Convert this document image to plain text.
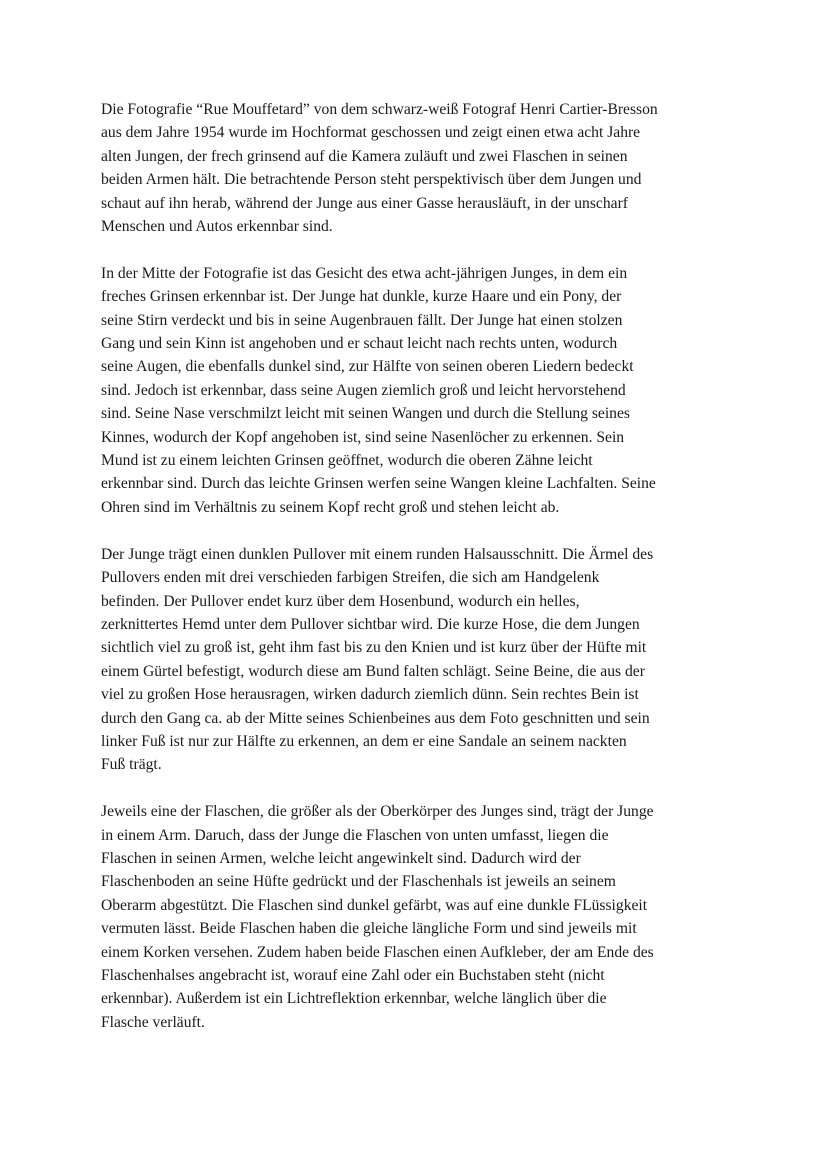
Die Fotografie “Rue Mouffetard” von dem schwarz-weiß Fotograf Henri Cartier-Bresson
aus dem Jahre 1954 wurde im Hochformat geschossen und zeigt einen etwa acht Jahre
alten Jungen, der frech grinsend auf die Kamera zuläuft und zwei Flaschen in seinen
beiden Armen hält. Die betrachtende Person steht perspektivisch über dem Jungen und
schaut auf ihn herab, während der Junge aus einer Gasse herausläuft, in der unscharf
Menschen und Autos erkennbar sind.

In der Mitte der Fotografie ist das Gesicht des etwa acht-jährigen Junges, in dem ein
freches Grinsen erkennbar ist. Der Junge hat dunkle, kurze Haare und ein Pony, der
seine Stirn verdeckt und bis in seine Augenbrauen fällt. Der Junge hat einen stolzen
Gang und sein Kinn ist angehoben und er schaut leicht nach rechts unten, wodurch
seine Augen, die ebenfalls dunkel sind, zur Hälfte von seinen oberen Liedern bedeckt
sind. Jedoch ist erkennbar, dass seine Augen ziemlich groß und leicht hervorstehend
sind. Seine Nase verschmilzt leicht mit seinen Wangen und durch die Stellung seines
Kinnes, wodurch der Kopf angehoben ist, sind seine Nasenlöcher zu erkennen. Sein
Mund ist zu einem leichten Grinsen geöffnet, wodurch die oberen Zähne leicht
erkennbar sind. Durch das leichte Grinsen werfen seine Wangen kleine Lachfalten. Seine
Ohren sind im Verhältnis zu seinem Kopf recht groß und stehen leicht ab.

Der Junge trägt einen dunklen Pullover mit einem runden Halsausschnitt. Die Ärmel des
Pullovers enden mit drei verschieden farbigen Streifen, die sich am Handgelenk
befinden. Der Pullover endet kurz über dem Hosenbund, wodurch ein helles,
zerknittertes Hemd unter dem Pullover sichtbar wird. Die kurze Hose, die dem Jungen
sichtlich viel zu groß ist, geht ihm fast bis zu den Knien und ist kurz über der Hüfte mit
einem Gürtel befestigt, wodurch diese am Bund falten schlägt. Seine Beine, die aus der
viel zu großen Hose herausragen, wirken dadurch ziemlich dünn. Sein rechtes Bein ist
durch den Gang ca. ab der Mitte seines Schienbeines aus dem Foto geschnitten und sein
linker Fuß ist nur zur Hälfte zu erkennen, an dem er eine Sandale an seinem nackten
Fuß trägt.

Jeweils eine der Flaschen, die größer als der Oberkörper des Junges sind, trägt der Junge
in einem Arm. Daruch, dass der Junge die Flaschen von unten umfasst, liegen die
Flaschen in seinen Armen, welche leicht angewinkelt sind. Dadurch wird der
Flaschenboden an seine Hüfte gedrückt und der Flaschenhals ist jeweils an seinem
Oberarm abgestützt. Die Flaschen sind dunkel gefärbt, was auf eine dunkle FLüssigkeit
vermuten lässt. Beide Flaschen haben die gleiche längliche Form und sind jeweils mit
einem Korken versehen. Zudem haben beide Flaschen einen Aufkleber, der am Ende des
Flaschenhalses angebracht ist, worauf eine Zahl oder ein Buchstaben steht (nicht
erkennbar). Außerdem ist ein Lichtreflektion erkennbar, welche länglich über die
Flasche verläuft.
